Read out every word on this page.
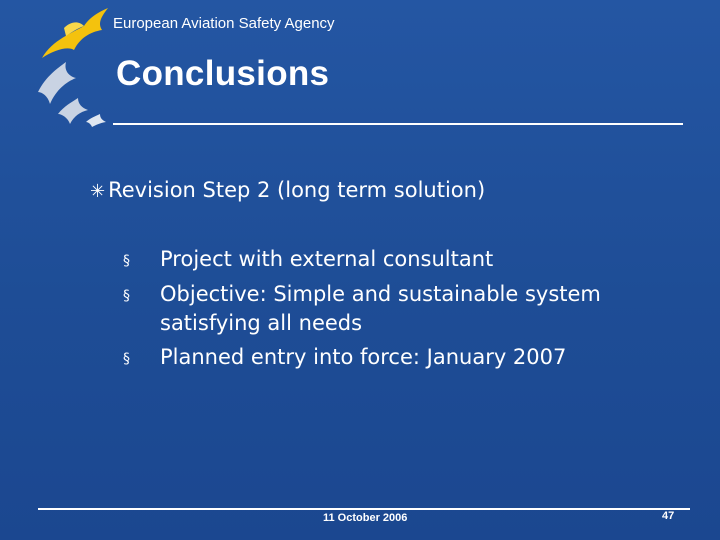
European Aviation Safety Agency
Conclusions
✳ Revision Step 2 (long term solution)
§ Project with external consultant
§ Objective: Simple and sustainable system
satisfying all needs
§ Planned entry into force: January 2007
11 October 2006	47
